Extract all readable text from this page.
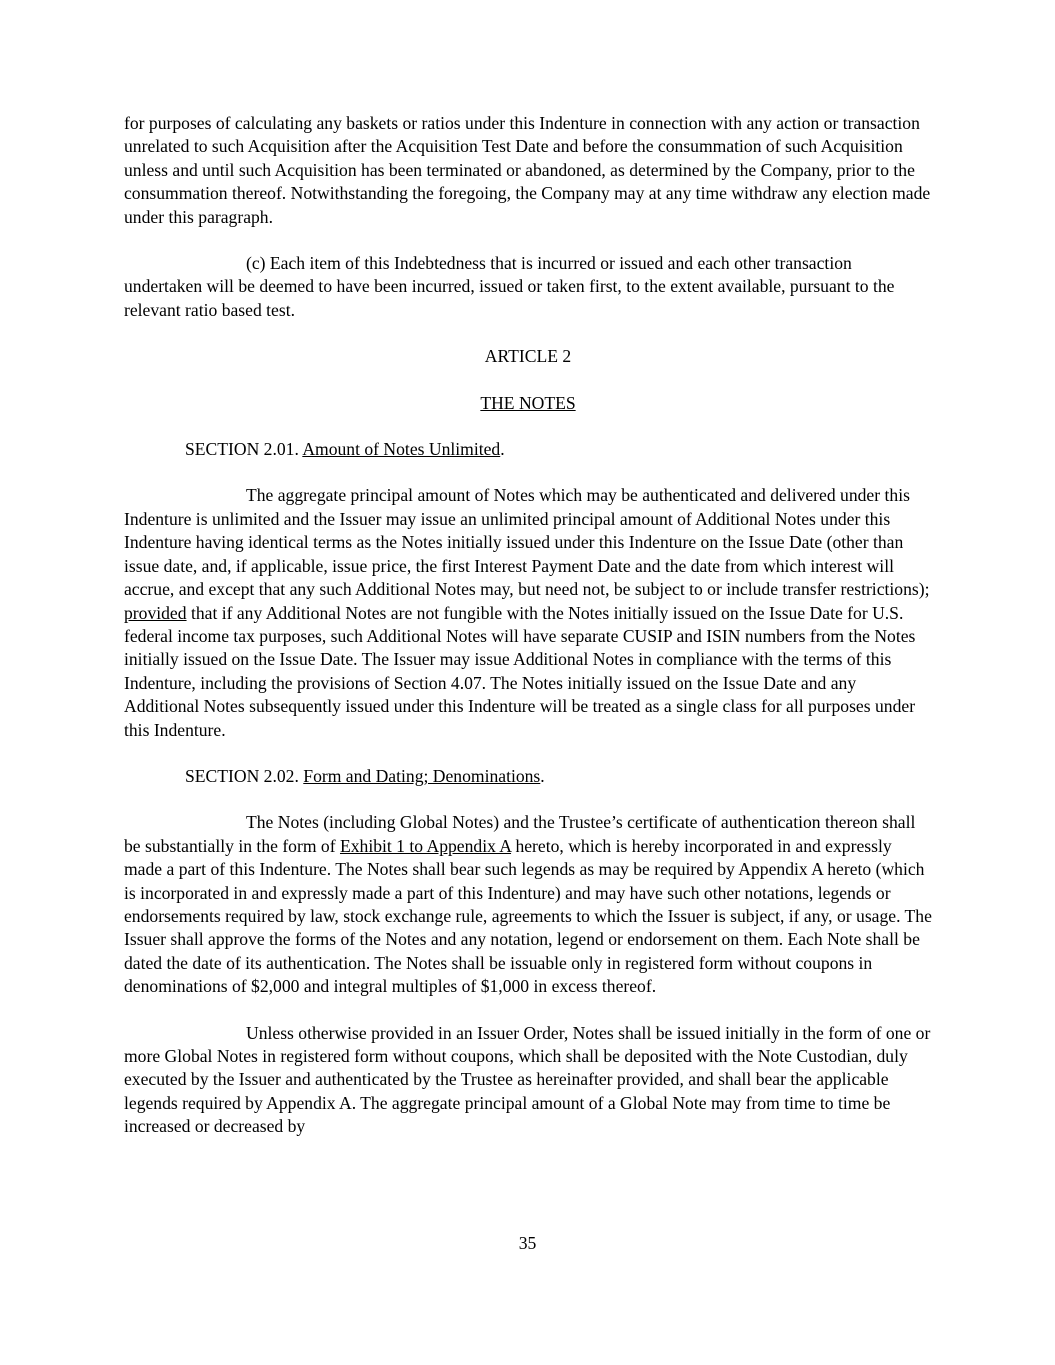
for purposes of calculating any baskets or ratios under this Indenture in connection with any action or transaction unrelated to such Acquisition after the Acquisition Test Date and before the consummation of such Acquisition unless and until such Acquisition has been terminated or abandoned, as determined by the Company, prior to the consummation thereof. Notwithstanding the foregoing, the Company may at any time withdraw any election made under this paragraph.

(c) Each item of this Indebtedness that is incurred or issued and each other transaction undertaken will be deemed to have been incurred, issued or taken first, to the extent available, pursuant to the relevant ratio based test.

ARTICLE 2

THE NOTES

SECTION 2.01. Amount of Notes Unlimited.

The aggregate principal amount of Notes which may be authenticated and delivered under this Indenture is unlimited and the Issuer may issue an unlimited principal amount of Additional Notes under this Indenture having identical terms as the Notes initially issued under this Indenture on the Issue Date (other than issue date, and, if applicable, issue price, the first Interest Payment Date and the date from which interest will accrue, and except that any such Additional Notes may, but need not, be subject to or include transfer restrictions); provided that if any Additional Notes are not fungible with the Notes initially issued on the Issue Date for U.S. federal income tax purposes, such Additional Notes will have separate CUSIP and ISIN numbers from the Notes initially issued on the Issue Date. The Issuer may issue Additional Notes in compliance with the terms of this Indenture, including the provisions of Section 4.07. The Notes initially issued on the Issue Date and any Additional Notes subsequently issued under this Indenture will be treated as a single class for all purposes under this Indenture.

SECTION 2.02. Form and Dating; Denominations.

The Notes (including Global Notes) and the Trustee’s certificate of authentication thereon shall be substantially in the form of Exhibit 1 to Appendix A hereto, which is hereby incorporated in and expressly made a part of this Indenture. The Notes shall bear such legends as may be required by Appendix A hereto (which is incorporated in and expressly made a part of this Indenture) and may have such other notations, legends or endorsements required by law, stock exchange rule, agreements to which the Issuer is subject, if any, or usage. The Issuer shall approve the forms of the Notes and any notation, legend or endorsement on them. Each Note shall be dated the date of its authentication. The Notes shall be issuable only in registered form without coupons in denominations of $2,000 and integral multiples of $1,000 in excess thereof.

Unless otherwise provided in an Issuer Order, Notes shall be issued initially in the form of one or more Global Notes in registered form without coupons, which shall be deposited with the Note Custodian, duly executed by the Issuer and authenticated by the Trustee as hereinafter provided, and shall bear the applicable legends required by Appendix A. The aggregate principal amount of a Global Note may from time to time be increased or decreased by

35
